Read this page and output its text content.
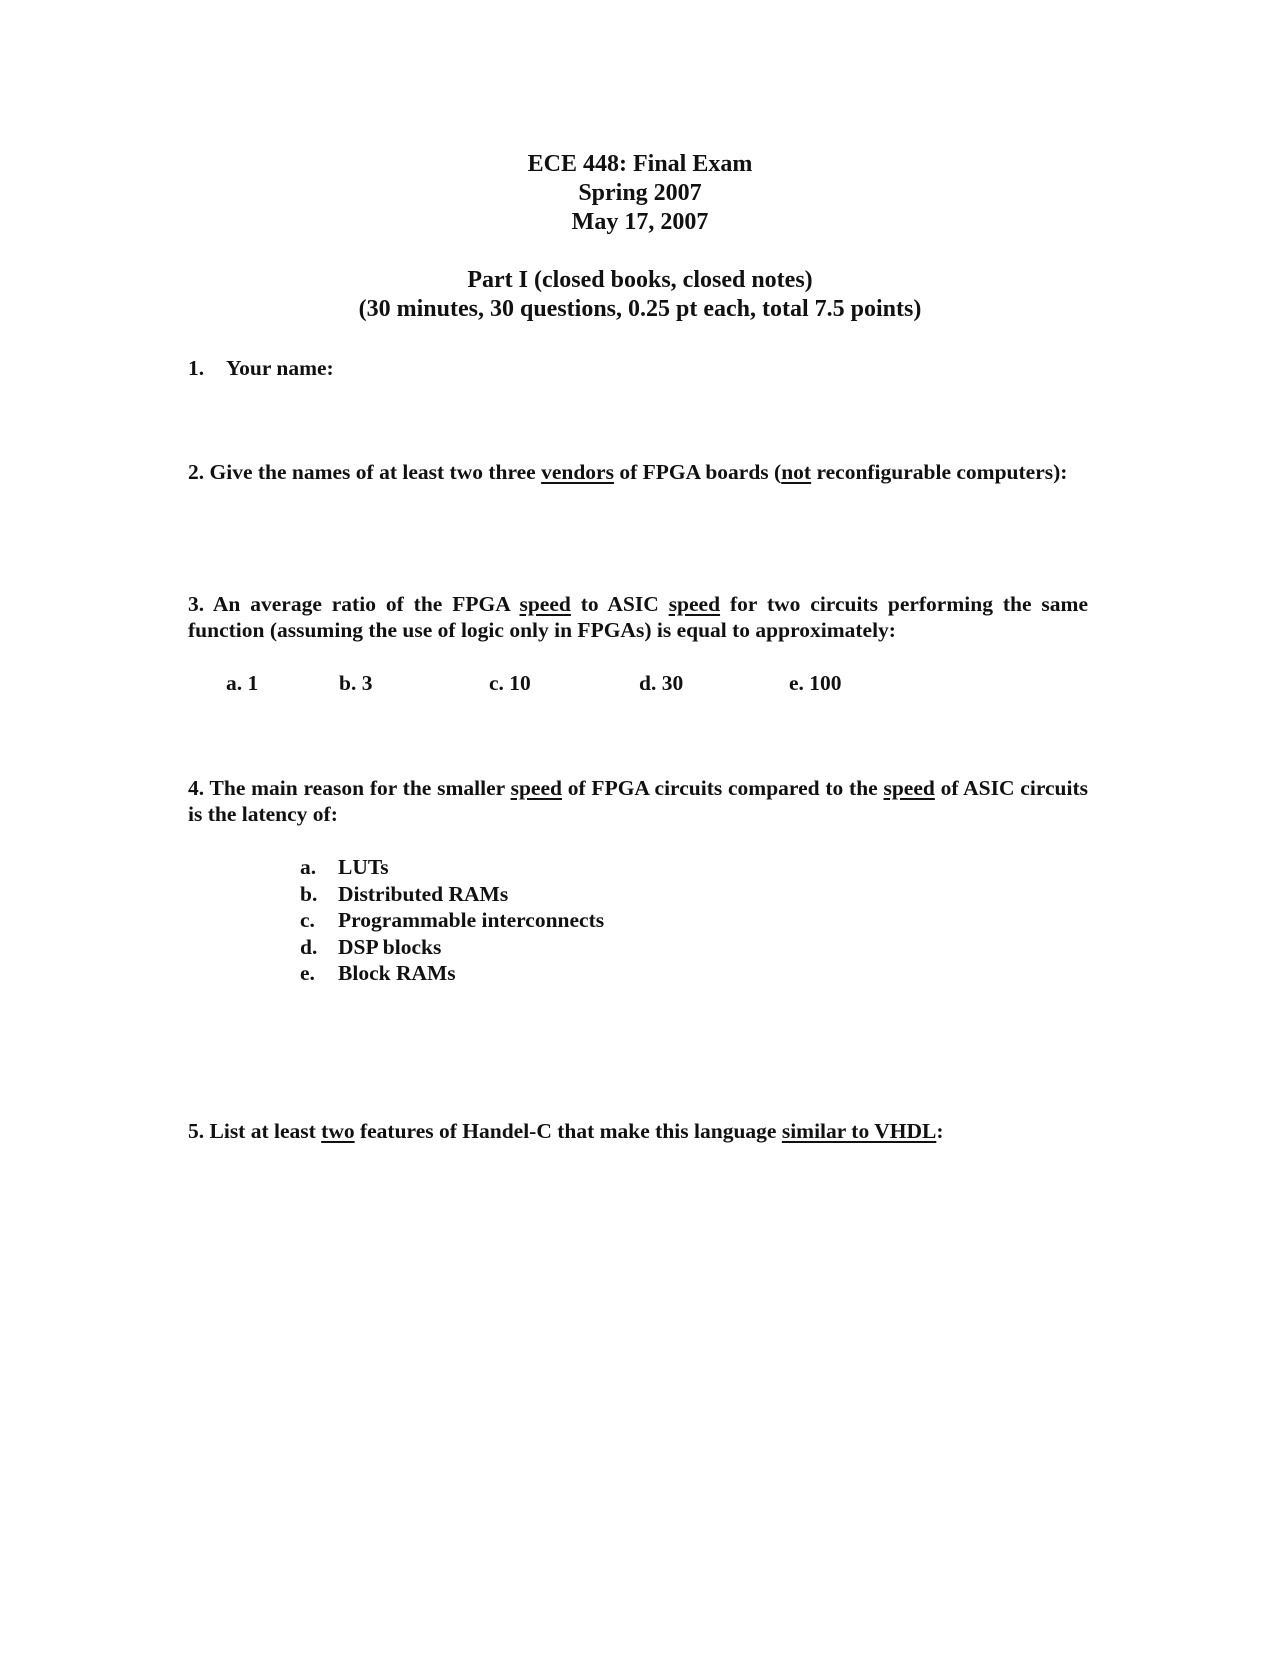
ECE 448: Final Exam
Spring 2007
May 17, 2007
Part I (closed books, closed notes)
(30 minutes, 30 questions, 0.25 pt each, total 7.5 points)
1. Your name:
2. Give the names of at least two three vendors of FPGA boards (not reconfigurable computers):
3. An average ratio of the FPGA speed to ASIC speed for two circuits performing the same function (assuming the use of logic only in FPGAs) is equal to approximately:
a. 1	b. 3	c. 10	d. 30	e. 100
4. The main reason for the smaller speed of FPGA circuits compared to the speed of ASIC circuits is the latency of:
a.	LUTs
b. Distributed RAMs
c.	Programmable interconnects
d. DSP blocks
e.	Block RAMs
5. List at least two features of Handel-C that make this language similar to VHDL:
